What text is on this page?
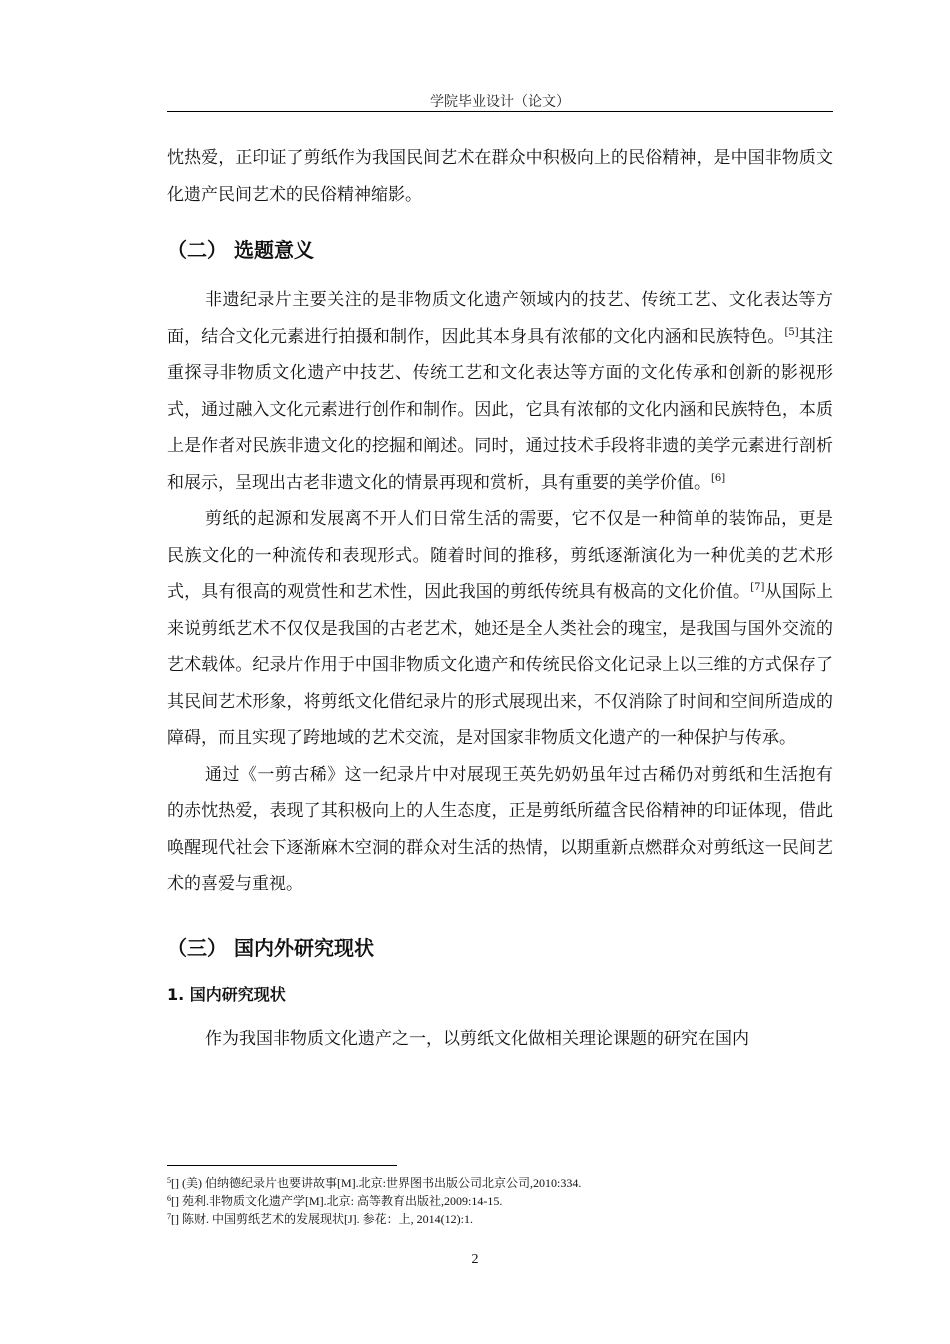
学院毕业设计（论文）

忱热爱，正印证了剪纸作为我国民间艺术在群众中积极向上的民俗精神，是中国非物质文化遗产民间艺术的民俗精神缩影。

（二） 选题意义

非遗纪录片主要关注的是非物质文化遗产领域内的技艺、传统工艺、文化表达等方面，结合文化元素进行拍摄和制作，因此其本身具有浓郁的文化内涵和民族特色。[5]其注重探寻非物质文化遗产中技艺、传统工艺和文化表达等方面的文化传承和创新的影视形式，通过融入文化元素进行创作和制作。因此，它具有浓郁的文化内涵和民族特色，本质上是作者对民族非遗文化的挖掘和阐述。同时，通过技术手段将非遗的美学元素进行剖析和展示，呈现出古老非遗文化的情景再现和赏析，具有重要的美学价值。[6]

剪纸的起源和发展离不开人们日常生活的需要，它不仅是一种简单的装饰品，更是民族文化的一种流传和表现形式。随着时间的推移，剪纸逐渐演化为一种优美的艺术形式，具有很高的观赏性和艺术性，因此我国的剪纸传统具有极高的文化价值。[7]从国际上来说剪纸艺术不仅仅是我国的古老艺术，她还是全人类社会的瑰宝，是我国与国外交流的艺术载体。纪录片作用于中国非物质文化遗产和传统民俗文化记录上以三维的方式保存了其民间艺术形象，将剪纸文化借纪录片的形式展现出来，不仅消除了时间和空间所造成的障碍，而且实现了跨地域的艺术交流，是对国家非物质文化遗产的一种保护与传承。

通过《一剪古稀》这一纪录片中对展现王英先奶奶虽年过古稀仍对剪纸和生活抱有的赤忱热爱，表现了其积极向上的人生态度，正是剪纸所蕴含民俗精神的印证体现，借此唤醒现代社会下逐渐麻木空洞的群众对生活的热情，以期重新点燃群众对剪纸这一民间艺术的喜爱与重视。

（三） 国内外研究现状
1. 国内研究现状

作为我国非物质文化遗产之一，以剪纸文化做相关理论课题的研究在国内

$^5$[] (美) 伯纳德纪录片也要讲故事[M].北京:世界图书出版公司北京公司,2010:334.
$^6$[] 苑利.非物质文化遗产学[M].北京: 高等教育出版社,2009:14-15.
$^7$[] 陈财. 中国剪纸艺术的发展现状[J]. 参花：上, 2014(12):1.
2
